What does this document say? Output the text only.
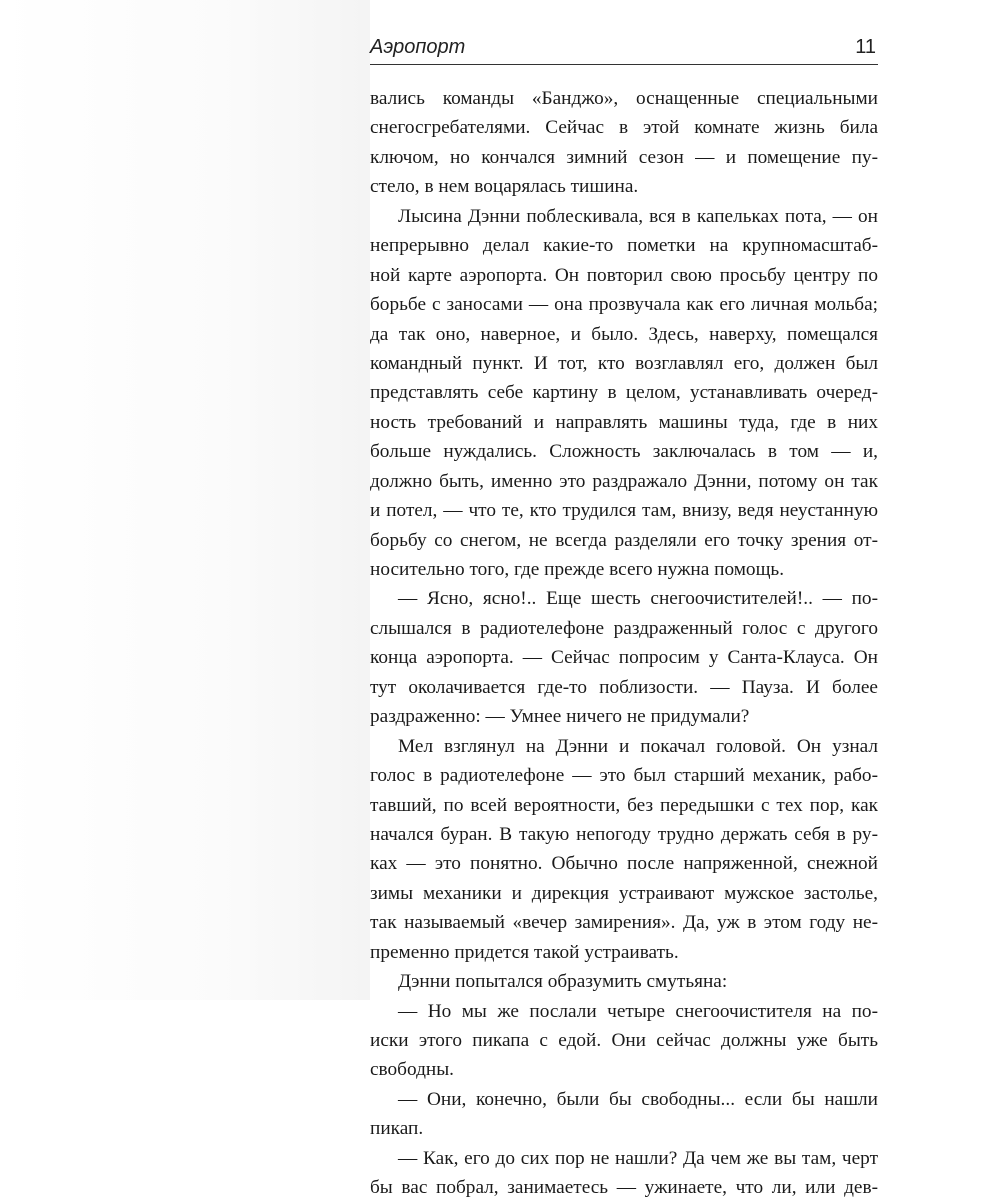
Аэропорт	11
вались команды «Банджо», оснащенные специальными
снегосгребателями. Сейчас в этой комнате жизнь била
ключом, но кончался зимний сезон — и помещение пу-
стело, в нем воцарялась тишина.
Лысина Дэнни поблескивала, вся в капельках пота, — он
непрерывно делал какие-то пометки на крупномасштаб-
ной карте аэропорта. Он повторил свою просьбу центру по
борьбе с заносами — она прозвучала как его личная мольба;
да так оно, наверное, и было. Здесь, наверху, помещался
командный пункт. И тот, кто возглавлял его, должен был
представлять себе картину в целом, устанавливать очеред-
ность требований и направлять машины туда, где в них
больше нуждались. Сложность заключалась в том — и,
должно быть, именно это раздражало Дэнни, потому он так
и потел, — что те, кто трудился там, внизу, ведя неустанную
борьбу со снегом, не всегда разделяли его точку зрения от-
носительно того, где прежде всего нужна помощь.
— Ясно, ясно!.. Еще шесть снегоочистителей!.. — по-
слышался в радиотелефоне раздраженный голос с другого
конца аэропорта. — Сейчас попросим у Санта-Клауса. Он
тут околачивается где-то поблизости. — Пауза. И более
раздраженно: — Умнее ничего не придумали?
Мел взглянул на Дэнни и покачал головой. Он узнал
голос в радиотелефоне — это был старший механик, рабо-
тавший, по всей вероятности, без передышки с тех пор, как
начался буран. В такую непогоду трудно держать себя в ру-
ках — это понятно. Обычно после напряженной, снежной
зимы механики и дирекция устраивают мужское застолье,
так называемый «вечер замирения». Да, уж в этом году не-
пременно придется такой устраивать.
Дэнни попытался образумить смутьяна:
— Но мы же послали четыре снегоочистителя на по-
иски этого пикапа с едой. Они сейчас должны уже быть
свободны.
— Они, конечно, были бы свободны... если бы нашли
пикап.
— Как, его до сих пор не нашли? Да чем же вы там, черт
бы вас побрал, занимаетесь — ужинаете, что ли, или дев-
